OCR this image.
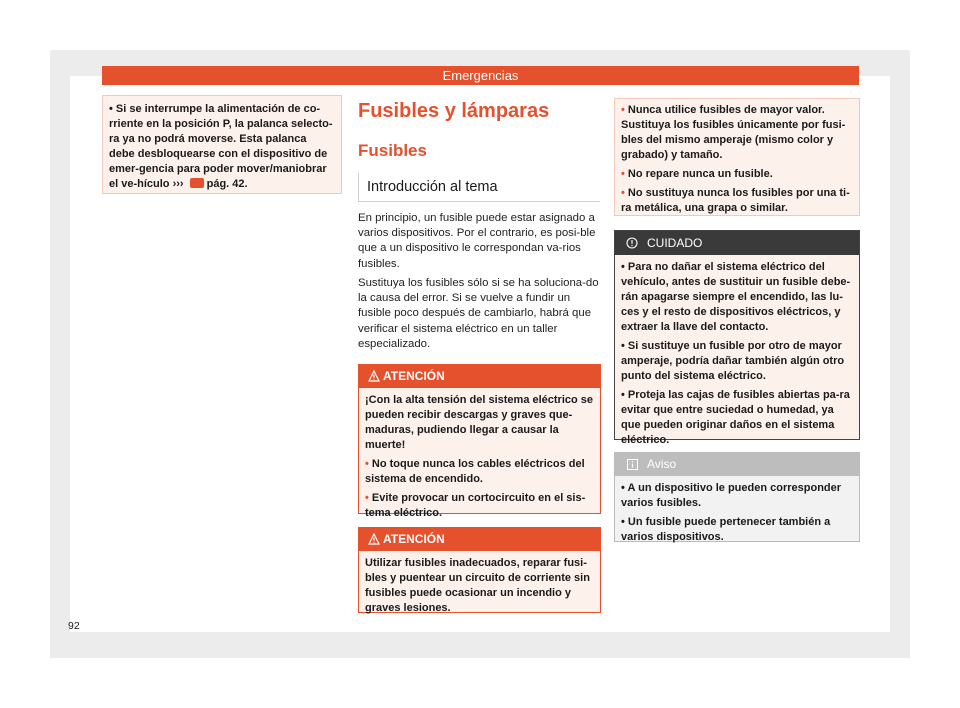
Emergencias
• Si se interrumpe la alimentación de co-rriente en la posición P, la palanca selecto-ra ya no podrá moverse. Esta palanca debe desbloquearse con el dispositivo de emer-gencia para poder mover/maniobrar el ve-hículo ››› pág. 42.
Fusibles y lámparas
Fusibles
Introducción al tema
En principio, un fusible puede estar asignado a varios dispositivos. Por el contrario, es posi-ble que a un dispositivo le correspondan va-rios fusibles.
Sustituya los fusibles sólo si se ha soluciona-do la causa del error. Si se vuelve a fundir un fusible poco después de cambiarlo, habrá que verificar el sistema eléctrico en un taller especializado.
ATENCIÓN

¡Con la alta tensión del sistema eléctrico se pueden recibir descargas y graves que-maduras, pudiendo llegar a causar la muerte!

• No toque nunca los cables eléctricos del sistema de encendido.

• Evite provocar un cortocircuito en el sis-tema eléctrico.

ATENCIÓN

Utilizar fusibles inadecuados, reparar fusi-bles y puentear un circuito de corriente sin fusibles puede ocasionar un incendio y graves lesiones.

• Nunca utilice fusibles de mayor valor. Sustituya los fusibles únicamente por fusi-bles del mismo amperaje (mismo color y grabado) y tamaño.

• No repare nunca un fusible.

• No sustituya nunca los fusibles por una ti-ra metálica, una grapa o similar.

CUIDADO

• Para no dañar el sistema eléctrico del vehículo, antes de sustituir un fusible debe-rán apagarse siempre el encendido, las lu-ces y el resto de dispositivos eléctricos, y extraer la llave del contacto.

• Si sustituye un fusible por otro de mayor amperaje, podría dañar también algún otro punto del sistema eléctrico.

• Proteja las cajas de fusibles abiertas pa-ra evitar que entre suciedad o humedad, ya que pueden originar daños en el sistema eléctrico.

Aviso

• A un dispositivo le pueden corresponder varios fusibles.

• Un fusible puede pertenecer también a varios dispositivos.

92
